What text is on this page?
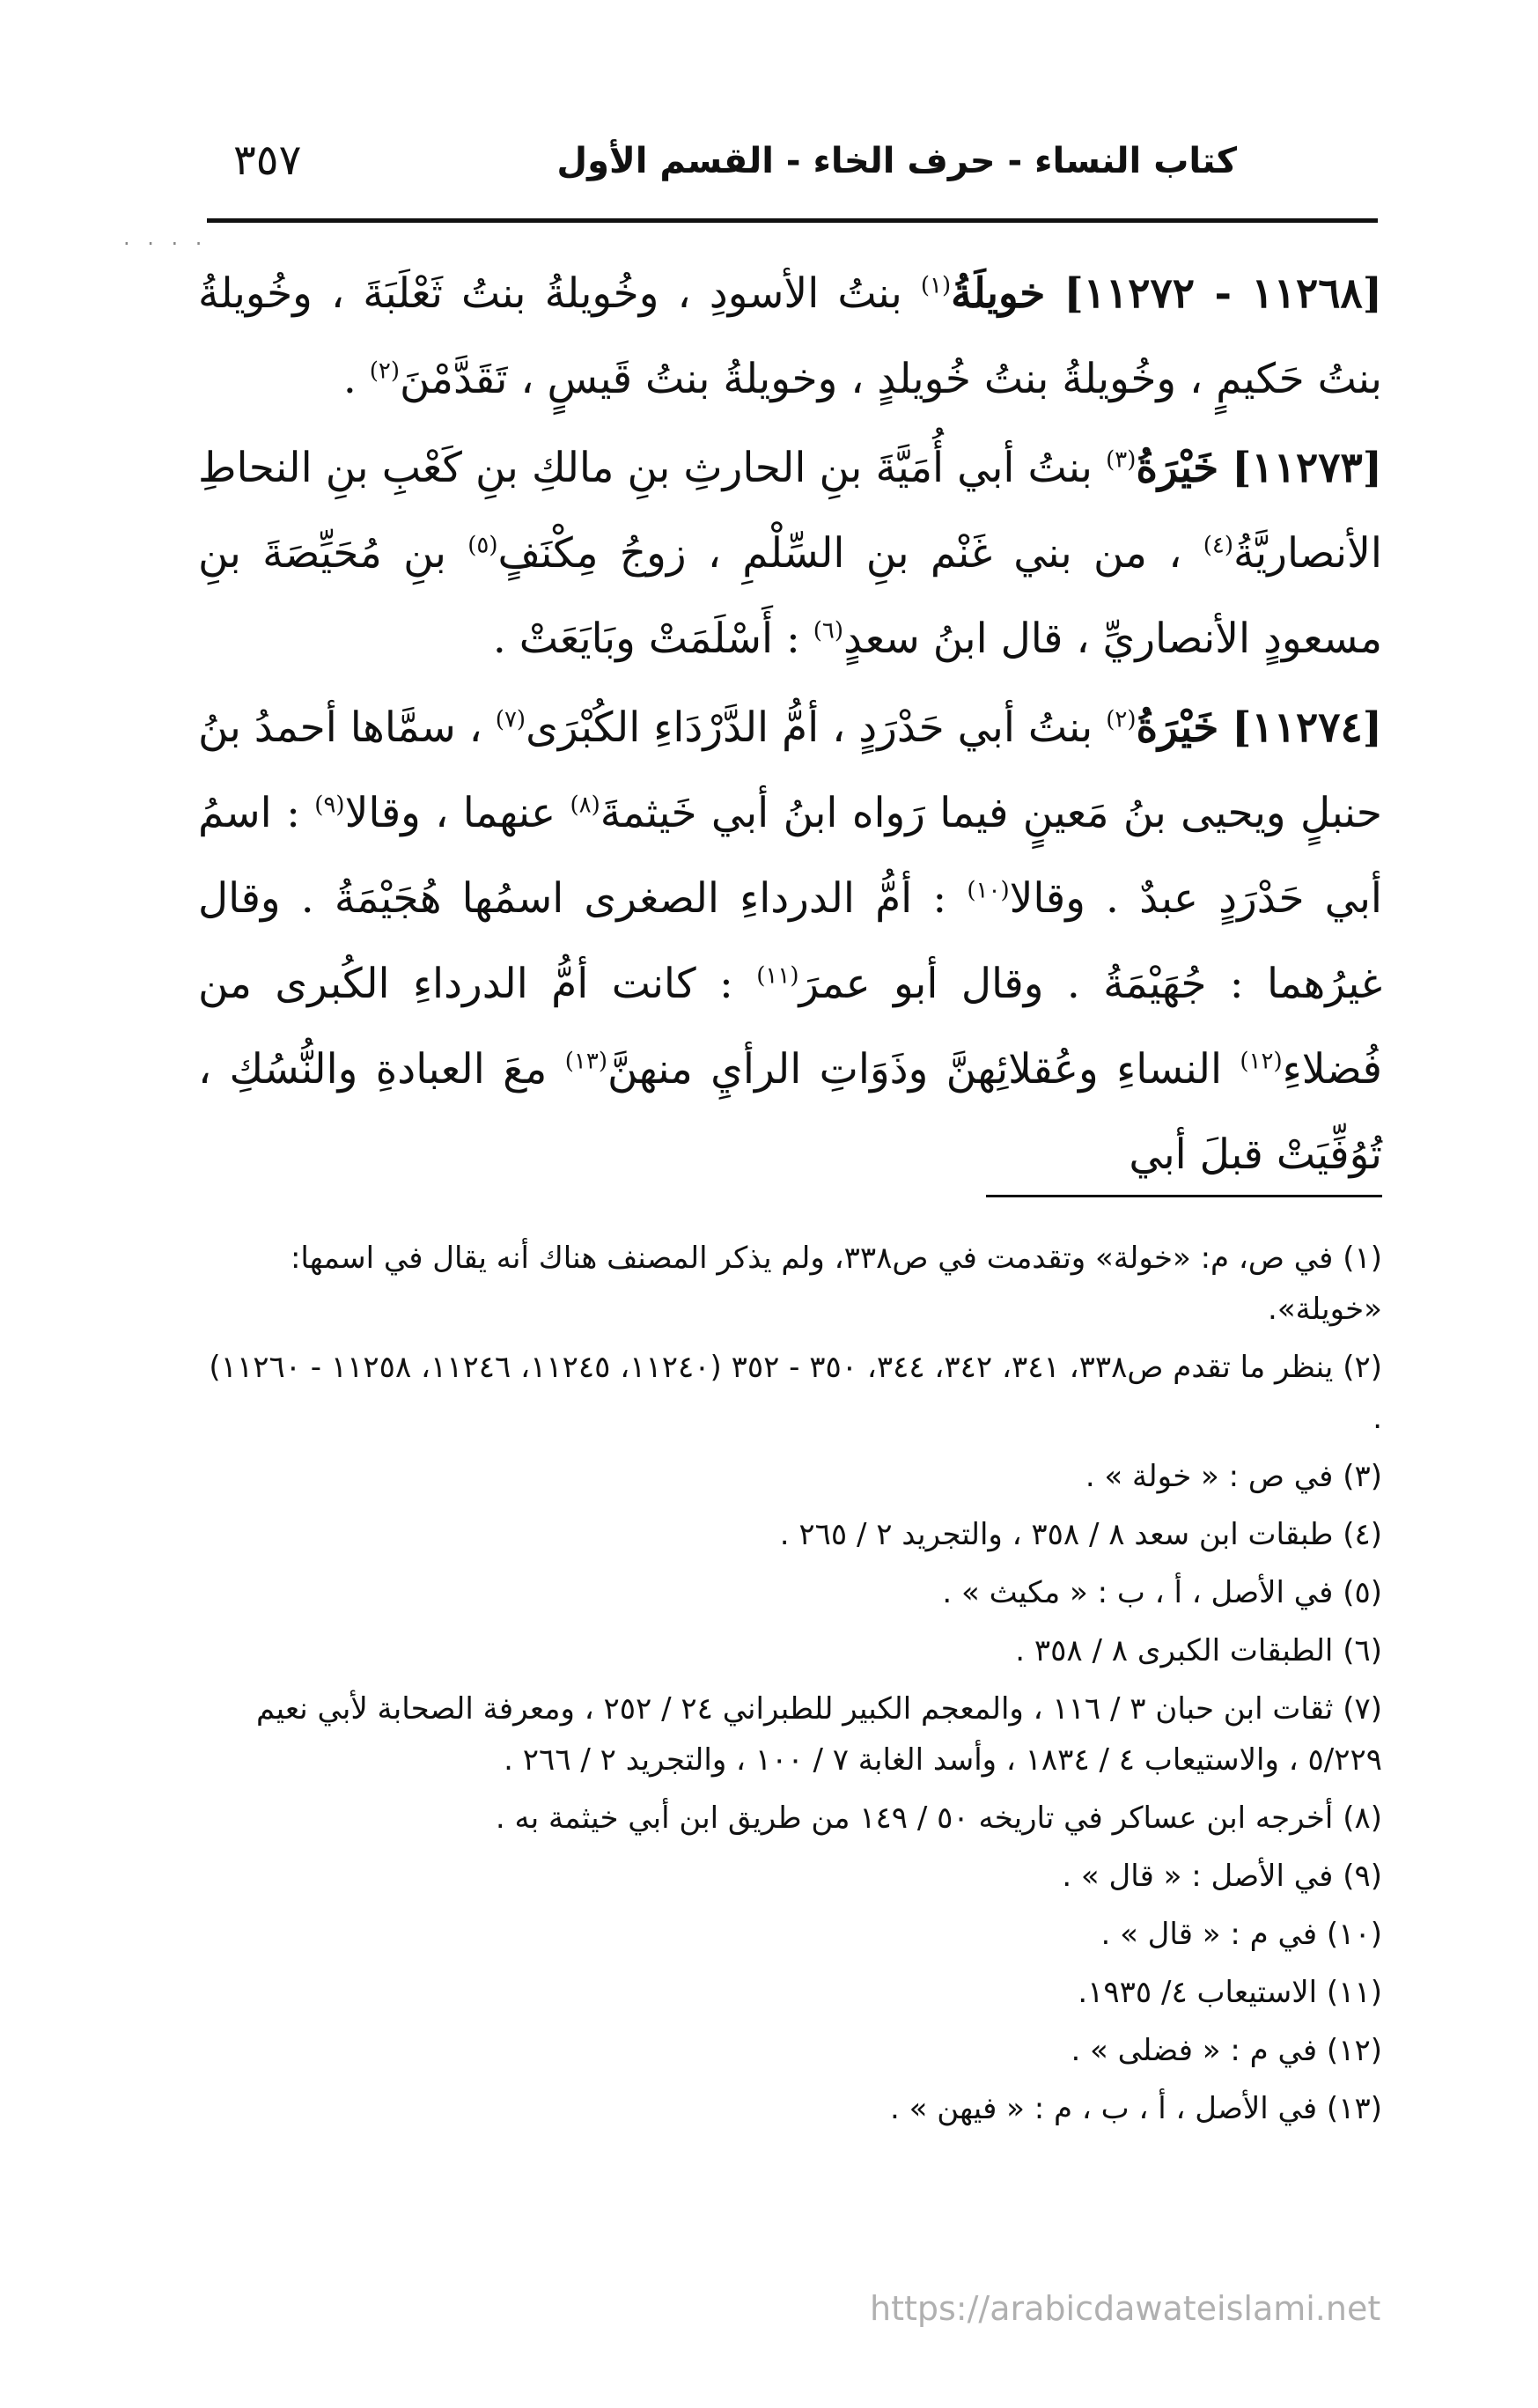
كتاب النساء - حرف الخاء - القسم الأول
٣٥٧
. . . .

[١١٢٦٨ - ١١٢٧٢] خويلَةُ$^{(١)}$ بنتُ الأسودِ ، وخُويلةُ بنتُ ثَعْلَبَةَ ، وخُويلةُ بنتُ حَكيمٍ ، وخُويلةُ بنتُ خُويلدٍ ، وخويلةُ بنتُ قَيسٍ ، تَقَدَّمْنَ$^{(٢)}$ .

[١١٢٧٣] خَيْرَةُ$^{(٣)}$ بنتُ أبي أُمَيَّةَ بنِ الحارثِ بنِ مالكِ بنِ كَعْبِ بنِ النحاطِ الأنصاريَّةُ$^{(٤)}$ ، من بني غَنْم بنِ السِّلْمِ ، زوجُ مِكْنَفٍ$^{(٥)}$ بنِ مُحَيِّصَةَ بنِ مسعودٍ الأنصاريِّ ، قال ابنُ سعدٍ$^{(٦)}$ : أَسْلَمَتْ وبَايَعَتْ .

[١١٢٧٤] خَيْرَةُ$^{(٢)}$ بنتُ أبي حَدْرَدٍ ، أمُّ الدَّرْدَاءِ الكُبْرَى$^{(٧)}$ ، سمَّاها أحمدُ بنُ حنبلٍ ويحيى بنُ مَعينٍ فيما رَواه ابنُ أبي خَيثمةَ$^{(٨)}$ عنهما ، وقالا$^{(٩)}$ : اسمُ أبي حَدْرَدٍ عبدٌ . وقالا$^{(١٠)}$ : أمُّ الدرداءِ الصغرى اسمُها هُجَيْمَةُ . وقال غيرُهما : جُهَيْمَةُ . وقال أبو عمرَ$^{(١١)}$ : كانت أمُّ الدرداءِ الكُبرى من فُضلاءِ$^{(١٢)}$ النساءِ وعُقلائِهنَّ وذَوَاتِ الرأيِ منهنَّ$^{(١٣)}$ معَ العبادةِ والنُّسُكِ ، تُوُفِّيَتْ قبلَ أبي

(١) في ص، م: «خولة» وتقدمت في ص٣٣٨، ولم يذكر المصنف هناك أنه يقال في اسمها: «خويلة».
(٢) ينظر ما تقدم ص٣٣٨، ٣٤١، ٣٤٢، ٣٤٤، ٣٥٠ - ٣٥٢ (١١٢٤٠، ١١٢٤٥، ١١٢٤٦، ١١٢٥٨ - ١١٢٦٠) .
(٣) في ص : « خولة » .
(٤) طبقات ابن سعد ٨ / ٣٥٨ ، والتجريد ٢ / ٢٦٥ .
(٥) في الأصل ، أ ، ب : « مكيث » .
(٦) الطبقات الكبرى ٨ / ٣٥٨ .
(٧) ثقات ابن حبان ٣ / ١١٦ ، والمعجم الكبير للطبراني ٢٤ / ٢٥٢ ، ومعرفة الصحابة لأبي نعيم ٥/٢٢٩ ، والاستيعاب ٤ / ١٨٣٤ ، وأسد الغابة ٧ / ١٠٠ ، والتجريد ٢ / ٢٦٦ .
(٨) أخرجه ابن عساكر في تاريخه ٥٠ / ١٤٩ من طريق ابن أبي خيثمة به .
(٩) في الأصل : « قال » .
(١٠) في م : « قال » .
(١١) الاستيعاب ٤/ ١٩٣٥.
(١٢) في م : « فضلى » .
(١٣) في الأصل ، أ ، ب ، م : « فيهن » .
https://arabicdawateislami.net
